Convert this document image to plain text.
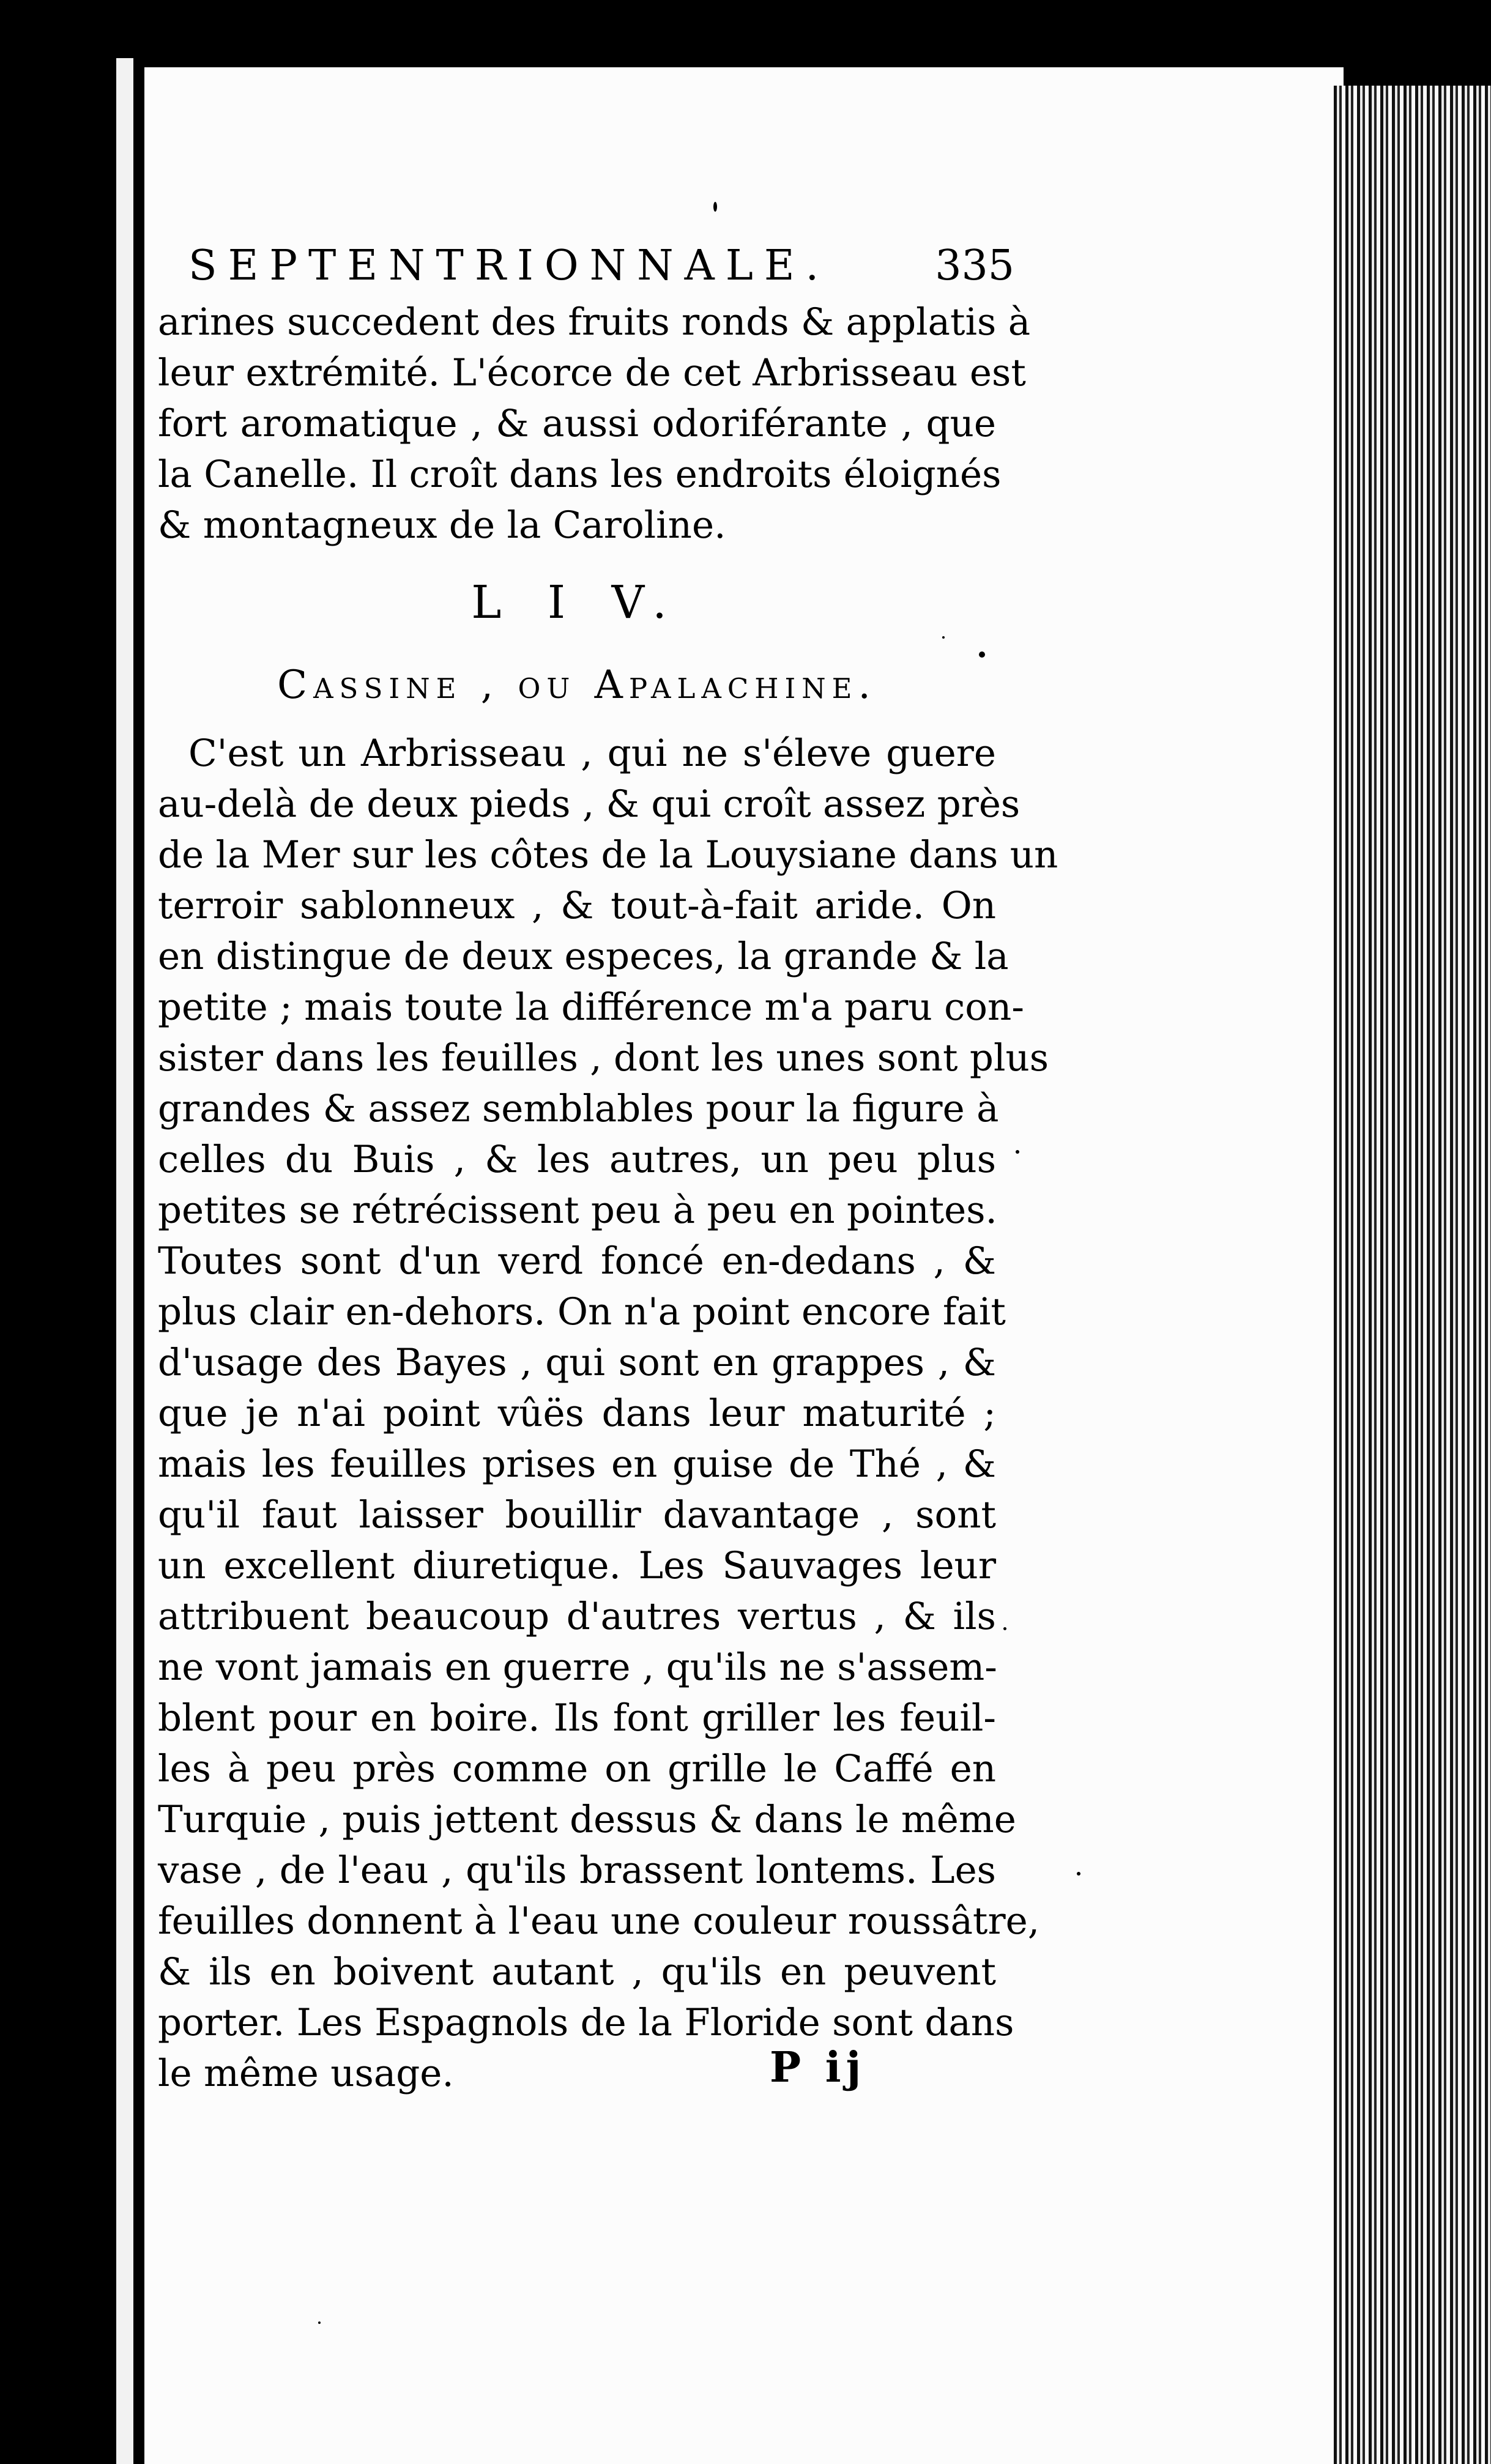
SEPTENTRIONNALE.	335
arines succedent des fruits ronds & applatis à
leur extrémité. L'écorce de cet Arbrisseau est
fort aromatique , & aussi odoriférante , que
la Canelle. Il croît dans les endroits éloignés
& montagneux de la Caroline.
L I V.
Cassine , ou Apalachine.
C'est un Arbrisseau , qui ne s'éleve guere
au-delà de deux pieds , & qui croît assez près
de la Mer sur les côtes de la Louysiane dans un
terroir sablonneux , & tout-à-fait aride. On
en distingue de deux especes, la grande & la
petite ; mais toute la différence m'a paru con-
sister dans les feuilles , dont les unes sont plus
grandes & assez semblables pour la figure à
celles du Buis , & les autres, un peu plus
petites se rétrécissent peu à peu en pointes.
Toutes sont d'un verd foncé en-dedans , &
plus clair en-dehors. On n'a point encore fait
d'usage des Bayes , qui sont en grappes , &
que je n'ai point vûës dans leur maturité ;
mais les feuilles prises en guise de Thé , &
qu'il faut laisser bouillir davantage , sont
un excellent diuretique. Les Sauvages leur
attribuent beaucoup d'autres vertus , & ils
ne vont jamais en guerre , qu'ils ne s'assem-
blent pour en boire. Ils font griller les feuil-
les à peu près comme on grille le Caffé en
Turquie , puis jettent dessus & dans le même
vase , de l'eau , qu'ils brassent lontems. Les
feuilles donnent à l'eau une couleur roussâtre,
& ils en boivent autant , qu'ils en peuvent
porter. Les Espagnols de la Floride sont dans
le même usage.	P ij
